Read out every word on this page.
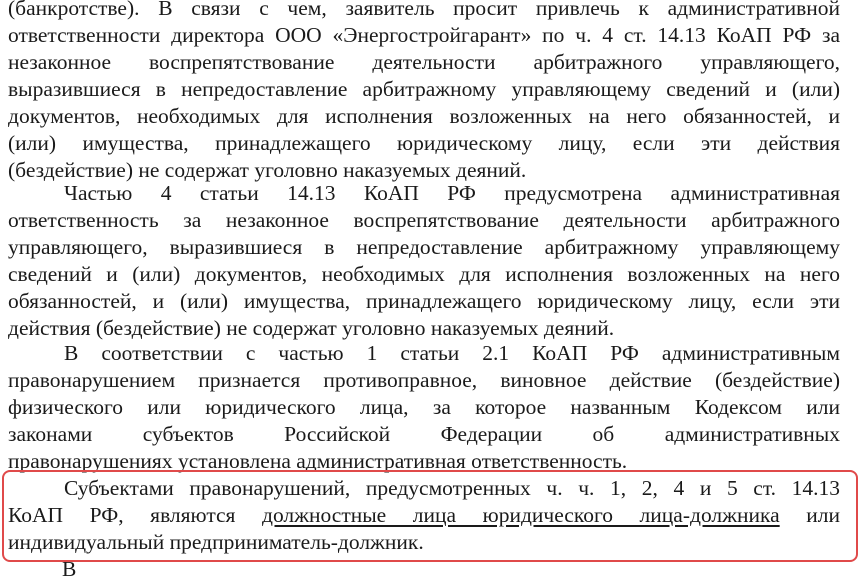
(банкротстве). В связи с чем, заявитель просит привлечь к административной
ответственности директора ООО «Энергостройгарант» по ч. 4 ст. 14.13 КоАП РФ за
незаконное воспрепятствование деятельности арбитражного управляющего,
выразившиеся в непредоставление арбитражному управляющему сведений и (или)
документов, необходимых для исполнения возложенных на него обязанностей, и
(или) имущества, принадлежащего юридическому лицу, если эти действия
(бездействие) не содержат уголовно наказуемых деяний.
Частью 4 статьи 14.13 КоАП РФ предусмотрена административная
ответственность за незаконное воспрепятствование деятельности арбитражного
управляющего, выразившиеся в непредоставление арбитражному управляющему
сведений и (или) документов, необходимых для исполнения возложенных на него
обязанностей, и (или) имущества, принадлежащего юридическому лицу, если эти
действия (бездействие) не содержат уголовно наказуемых деяний.
В соответствии с частью 1 статьи 2.1 КоАП РФ административным
правонарушением признается противоправное, виновное действие (бездействие)
физического или юридического лица, за которое названным Кодексом или
законами субъектов Российской Федерации об административных
правонарушениях установлена административная ответственность.
Субъектами правонарушений, предусмотренных ч. ч. 1, 2, 4 и 5 ст. 14.13
КоАП РФ, являются должностные лица юридического лица-должника или
индивидуальный предприниматель-должник.
В
